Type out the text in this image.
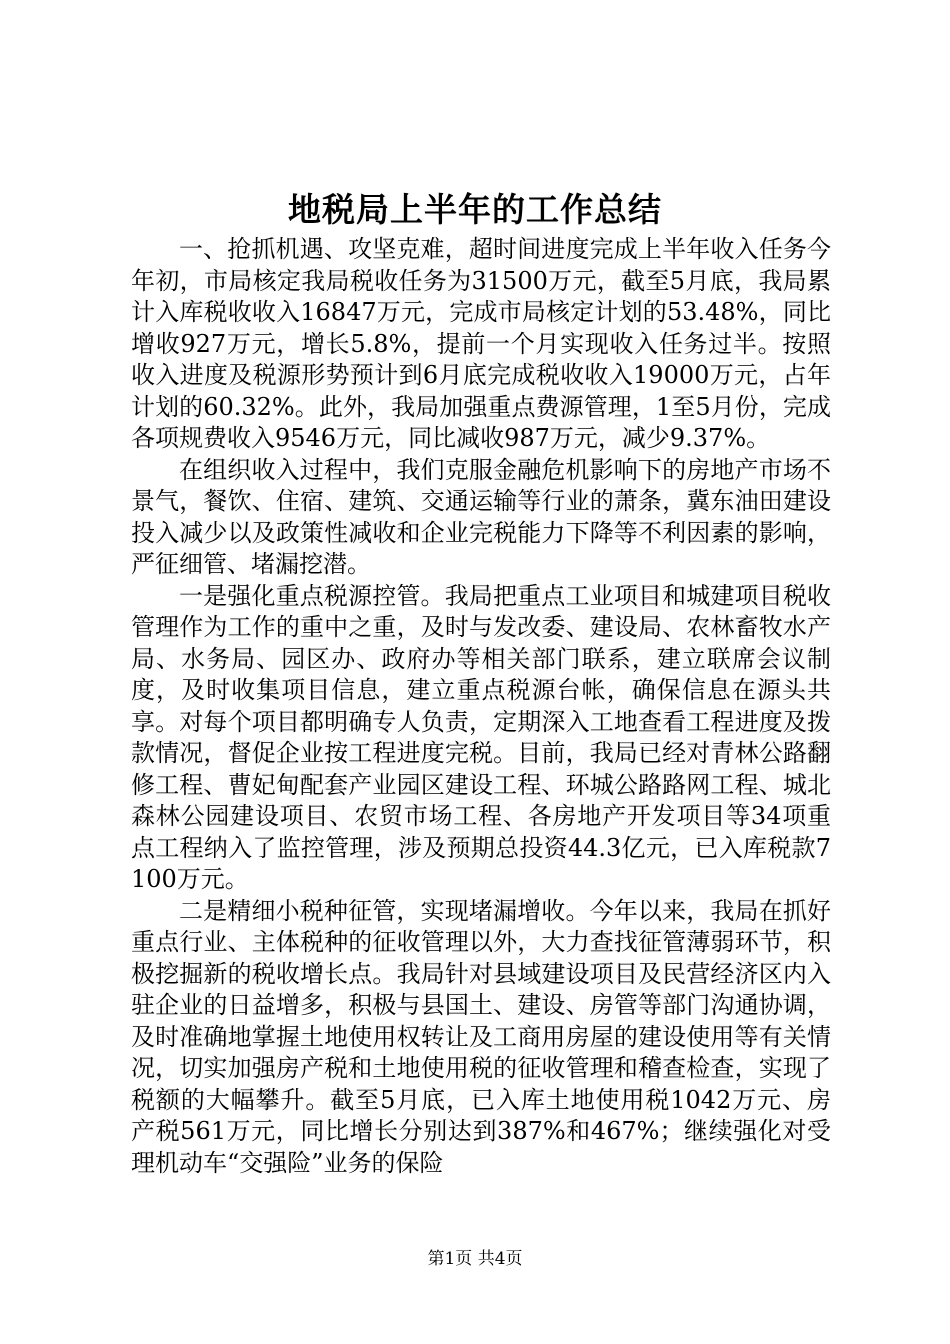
地税局上半年的工作总结

一、抢抓机遇、攻坚克难，超时间进度完成上半年收入任务今年初，市局核定我局税收任务为31500万元，截至5月底，我局累计入库税收收入16847万元，完成市局核定计划的53.48%，同比增收927万元，增长5.8%，提前一个月实现收入任务过半。按照收入进度及税源形势预计到6月底完成税收收入19000万元，占年计划的60.32%。此外，我局加强重点费源管理，1至5月份，完成各项规费收入9546万元，同比减收987万元，减少9.37%。

在组织收入过程中，我们克服金融危机影响下的房地产市场不景气，餐饮、住宿、建筑、交通运输等行业的萧条，冀东油田建设投入减少以及政策性减收和企业完税能力下降等不利因素的影响，严征细管、堵漏挖潜。

一是强化重点税源控管。我局把重点工业项目和城建项目税收管理作为工作的重中之重，及时与发改委、建设局、农林畜牧水产局、水务局、园区办、政府办等相关部门联系，建立联席会议制度，及时收集项目信息，建立重点税源台帐，确保信息在源头共享。对每个项目都明确专人负责，定期深入工地查看工程进度及拨款情况，督促企业按工程进度完税。目前，我局已经对青林公路翻修工程、曹妃甸配套产业园区建设工程、环城公路路网工程、城北森林公园建设项目、农贸市场工程、各房地产开发项目等34项重点工程纳入了监控管理，涉及预期总投资44.3亿元，已入库税款7100万元。

二是精细小税种征管，实现堵漏增收。今年以来，我局在抓好重点行业、主体税种的征收管理以外，大力查找征管薄弱环节，积极挖掘新的税收增长点。我局针对县域建设项目及民营经济区内入驻企业的日益增多，积极与县国土、建设、房管等部门沟通协调，及时准确地掌握土地使用权转让及工商用房屋的建设使用等有关情况，切实加强房产税和土地使用税的征收管理和稽查检查，实现了税额的大幅攀升。截至5月底，已入库土地使用税1042万元、房产税561万元，同比增长分别达到387%和467%；继续强化对受理机动车“交强险”业务的保险

第1页 共4页
